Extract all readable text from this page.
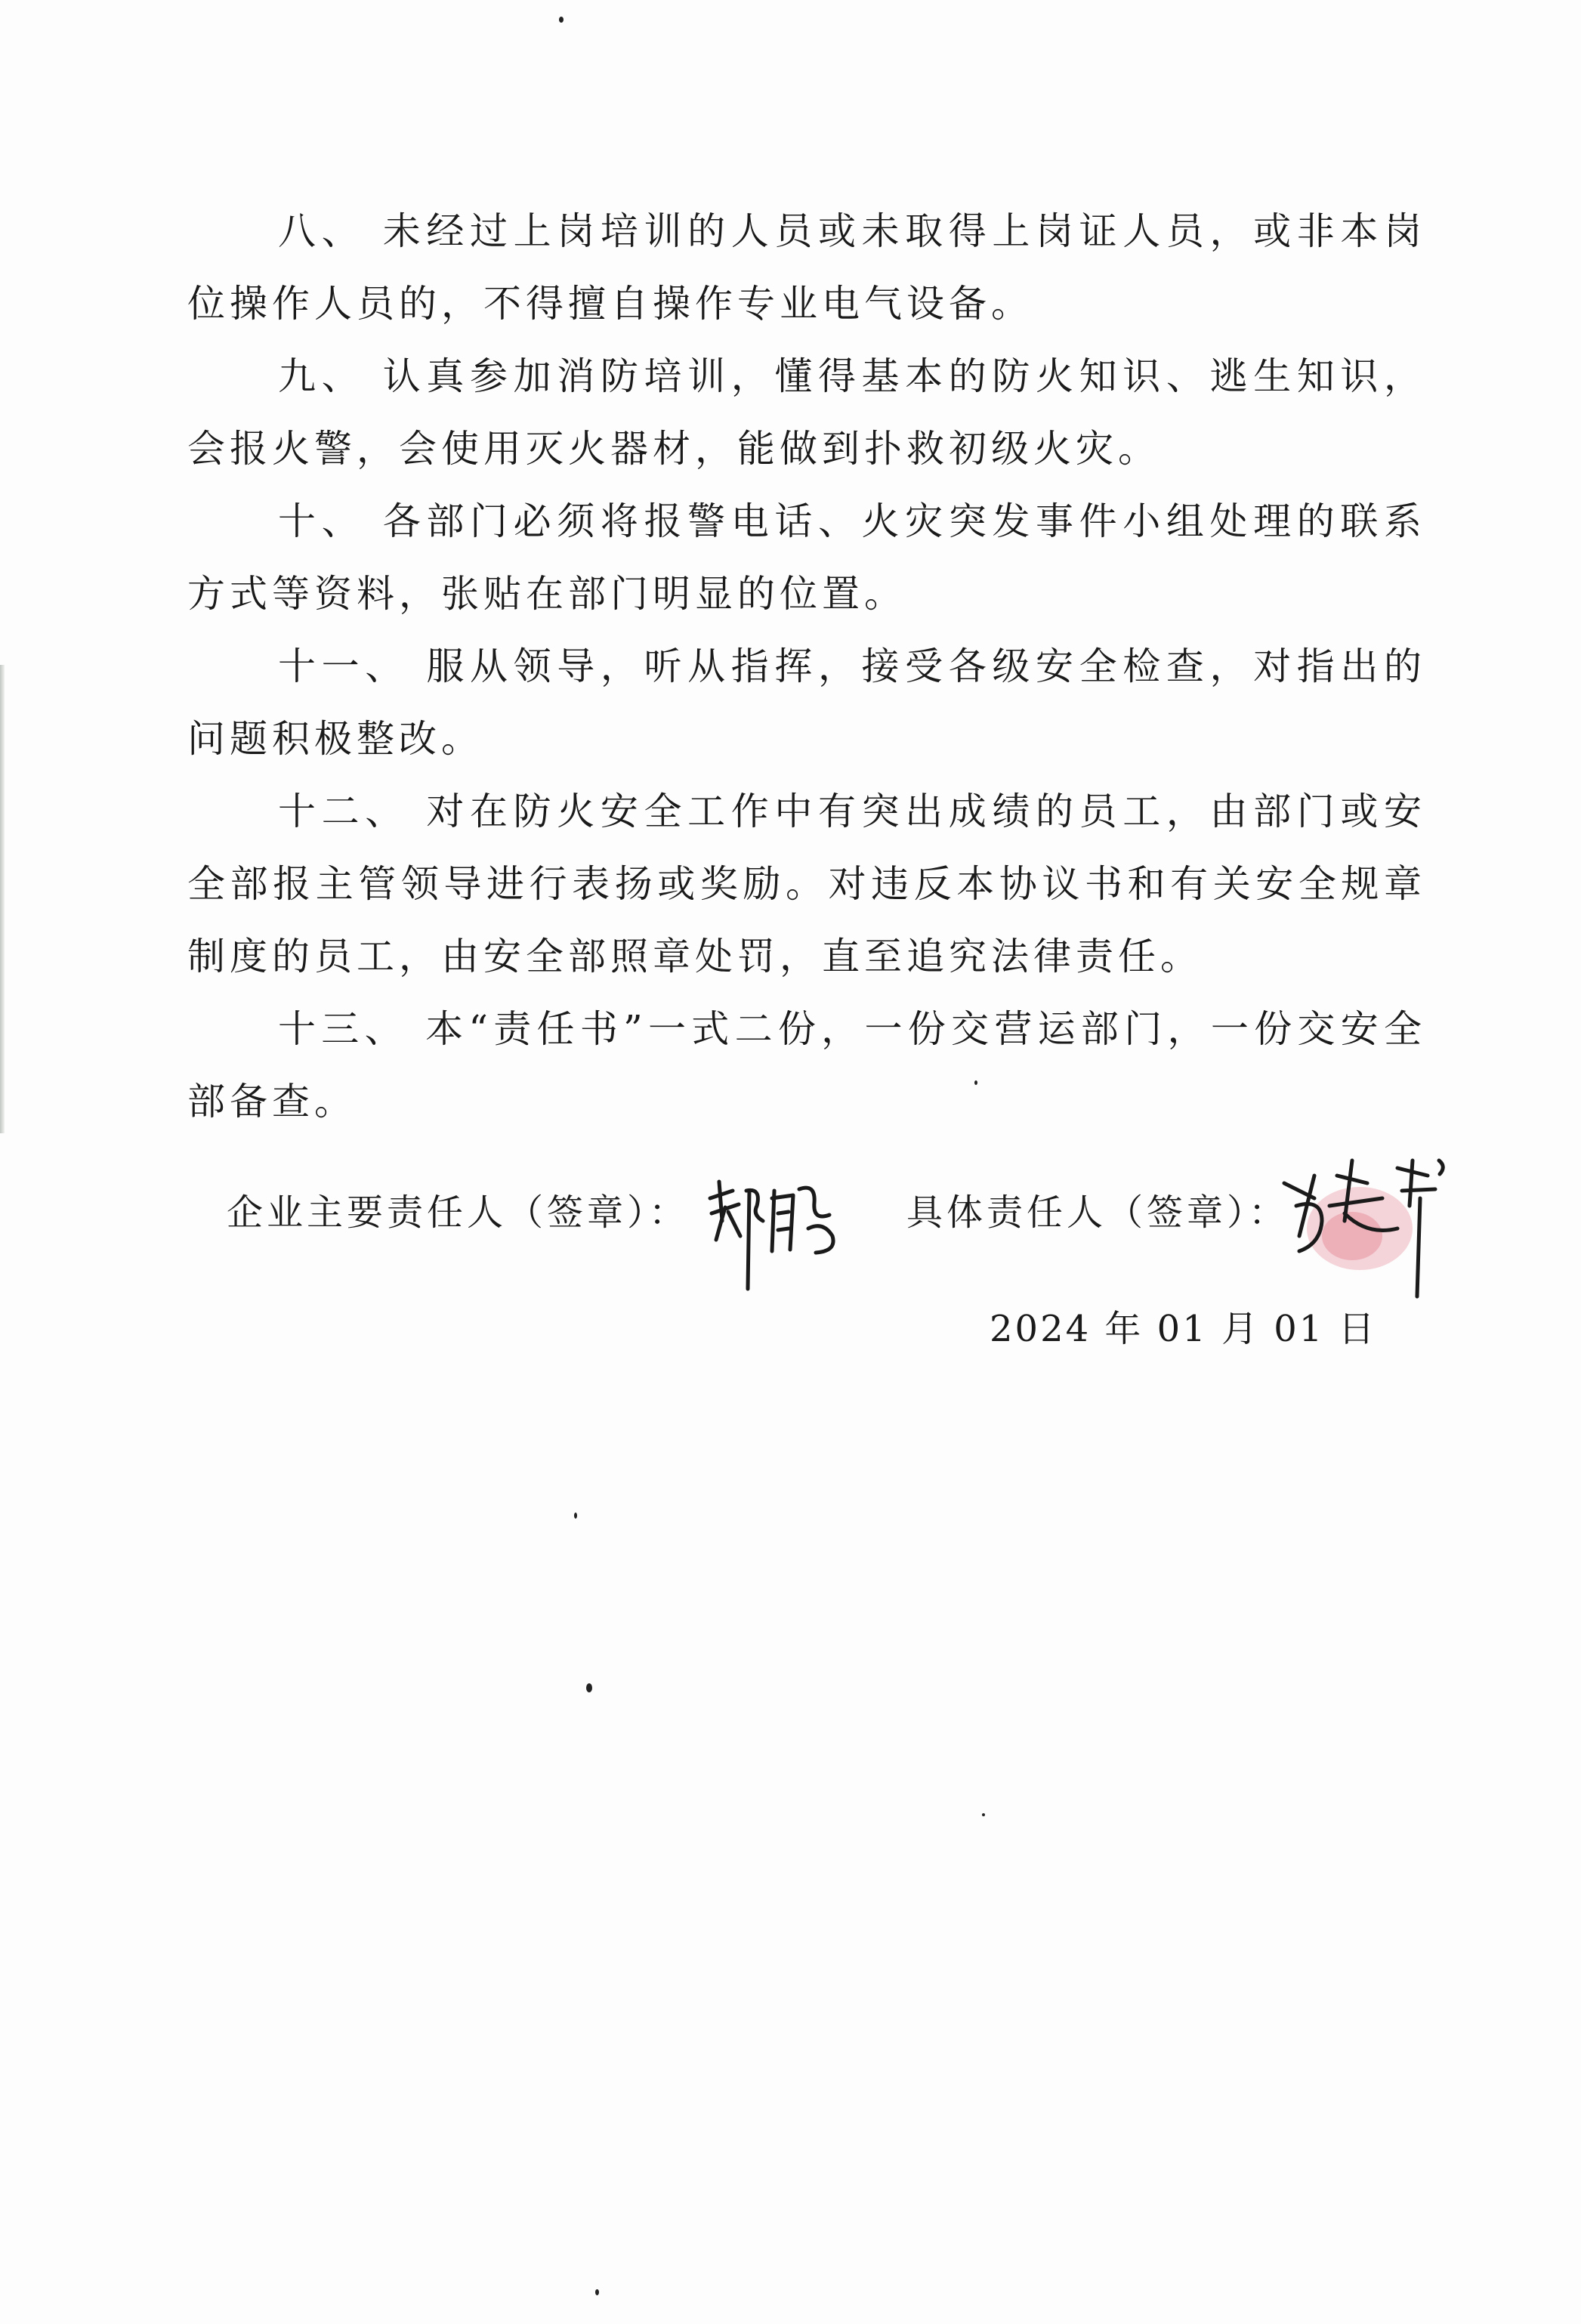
八、 未经过上岗培训的人员或未取得上岗证人员，或非本岗位操作人员的，不得擅自操作专业电气设备。

九、 认真参加消防培训，懂得基本的防火知识、逃生知识，会报火警，会使用灭火器材，能做到扑救初级火灾。

十、 各部门必须将报警电话、火灾突发事件小组处理的联系方式等资料，张贴在部门明显的位置。

十一、 服从领导，听从指挥，接受各级安全检查，对指出的问题积极整改。

十二、 对在防火安全工作中有突出成绩的员工，由部门或安全部报主管领导进行表扬或奖励。对违反本协议书和有关安全规章制度的员工，由安全部照章处罚，直至追究法律责任。

十三、 本“责任书”一式二份，一份交营运部门，一份交安全部备查。

企业主要责任人（签章）：	具体责任人（签章）：
2024 年 01 月 01 日
